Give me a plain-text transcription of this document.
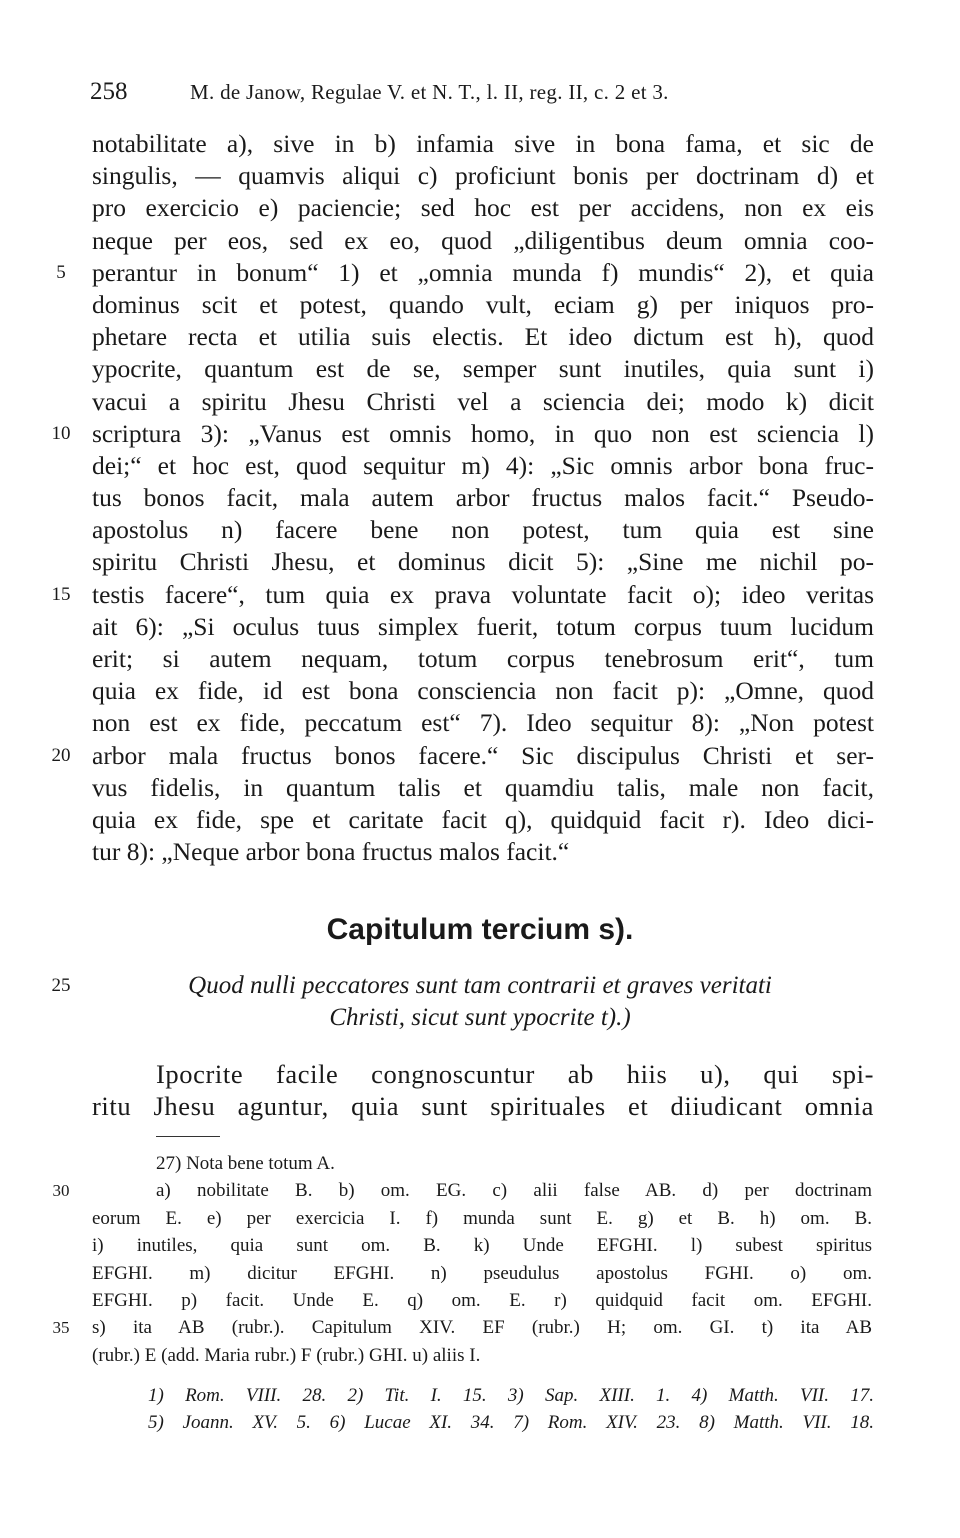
258	M. de Janow, Regulae V. et N. T., l. II, reg. II, c. 2 et 3.
notabilitate a), sive in b) infamia sive in bona fama, et sic de
singulis, — quamvis aliqui c) proficiunt bonis per doctrinam d) et
pro exercicio e) paciencie; sed hoc est per accidens, non ex eis
neque per eos, sed ex eo, quod „diligentibus deum omnia coo-
5	perantur in bonum“ 1) et „omnia munda f) mundis“ 2), et quia
dominus scit et potest, quando vult, eciam g) per iniquos pro-
phetare recta et utilia suis electis. Et ideo dictum est h), quod
ypocrite, quantum est de se, semper sunt inutiles, quia sunt i)
vacui a spiritu Jhesu Christi vel a sciencia dei; modo k) dicit
10 scriptura 3): „Vanus est omnis homo, in quo non est sciencia l)
dei;“ et hoc est, quod sequitur m) 4): „Sic omnis arbor bona fruc-
tus bonos facit, mala autem arbor fructus malos facit.“ Pseudo-
apostolus n) facere bene non potest, tum quia est sine
spiritu Christi Jhesu, et dominus dicit 5): „Sine me nichil po-
15 testis facere“, tum quia ex prava voluntate facit o); ideo veritas
ait 6): „Si oculus tuus simplex fuerit, totum corpus tuum lucidum
erit; si autem nequam, totum corpus tenebrosum erit“, tum
quia ex fide, id est bona consciencia non facit p): „Omne, quod
non est ex fide, peccatum est“ 7). Ideo sequitur 8): „Non potest
20 arbor mala fructus bonos facere.“ Sic discipulus Christi et ser-
vus fidelis, in quantum talis et quamdiu talis, male non facit,
quia ex fide, spe et caritate facit q), quidquid facit r). Ideo dici-
tur 8): „Neque arbor bona fructus malos facit.“
Capitulum tercium s).
25	Quod nulli peccatores sunt tam contrarii et graves veritati
Christi, sicut sunt ypocrite t).)
Ipocrite facile congnoscuntur ab hiis u), qui spi-
ritu Jhesu aguntur, quia sunt spirituales et diiudicant omnia
27) Nota bene totum A.
30	a) nobilitate B. b) om. EG. c) alii false AB. d) per doctrinam
eorum E. e) per exercicia I. f) munda sunt E. g) et B. h) om. B.
i) inutiles, quia sunt om. B. k) Unde EFGHI. l) subest spiritus
EFGHI. m) dicitur EFGHI. n) pseudulus apostolus FGHI. o) om.
EFGHI. p) facit. Unde E. q) om. E. r) quidquid facit om. EFGHI.
35	s) ita AB (rubr.). Capitulum XIV. EF (rubr.) H; om. GI. t) ita AB
(rubr.) E (add. Maria rubr.) F (rubr.) GHI. u) aliis I.
1) Rom. VIII. 28. 2) Tit. I. 15. 3) Sap. XIII. 1. 4) Matth. VII. 17.
5) Joann. XV. 5. 6) Lucae XI. 34. 7) Rom. XIV. 23. 8) Matth. VII. 18.
